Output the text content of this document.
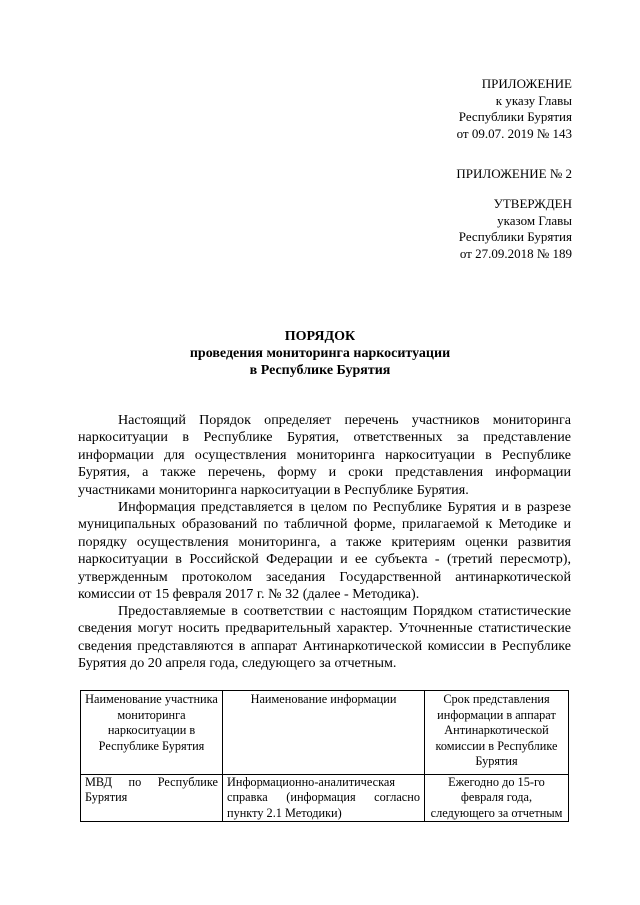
ПРИЛОЖЕНИЕ
к указу Главы
Республики Бурятия
от 09.07. 2019 № 143
ПРИЛОЖЕНИЕ № 2
УТВЕРЖДЕН
указом Главы
Республики Бурятия
от 27.09.2018 № 189
ПОРЯДОК
проведения мониторинга наркоситуации
в Республике Бурятия

Настоящий Порядок определяет перечень участников мониторинга наркоситуации в Республике Бурятия, ответственных за представление информации для осуществления мониторинга наркоситуации в Республике Бурятия, а также перечень, форму и сроки представления информации участниками мониторинга наркоситуации в Республике Бурятия.

Информация представляется в целом по Республике Бурятия и в разрезе муниципальных образований по табличной форме, прилагаемой к Методике и порядку осуществления мониторинга, а также критериям оценки развития наркоситуации в Российской Федерации и ее субъекта - (третий пересмотр), утвержденным протоколом заседания Государственной антинаркотической комиссии от 15 февраля 2017 г. № 32 (далее - Методика).

Предоставляемые в соответствии с настоящим Порядком статистические сведения могут носить предварительный характер. Уточненные статистические сведения представляются в аппарат Антинаркотической комиссии в Республике Бурятия до 20 апреля года, следующего за отчетным.

Наименование участника мониторинга наркоситуации в Республике Бурятия	Наименование информации	Срок представления информации в аппарат Антинаркотической комиссии в Республике Бурятия
МВД по Республике Бурятия	Информационно-аналитическая справка (информация согласно пункту 2.1 Методики)	Ежегодно до 15-го февраля года, следующего за отчетным
